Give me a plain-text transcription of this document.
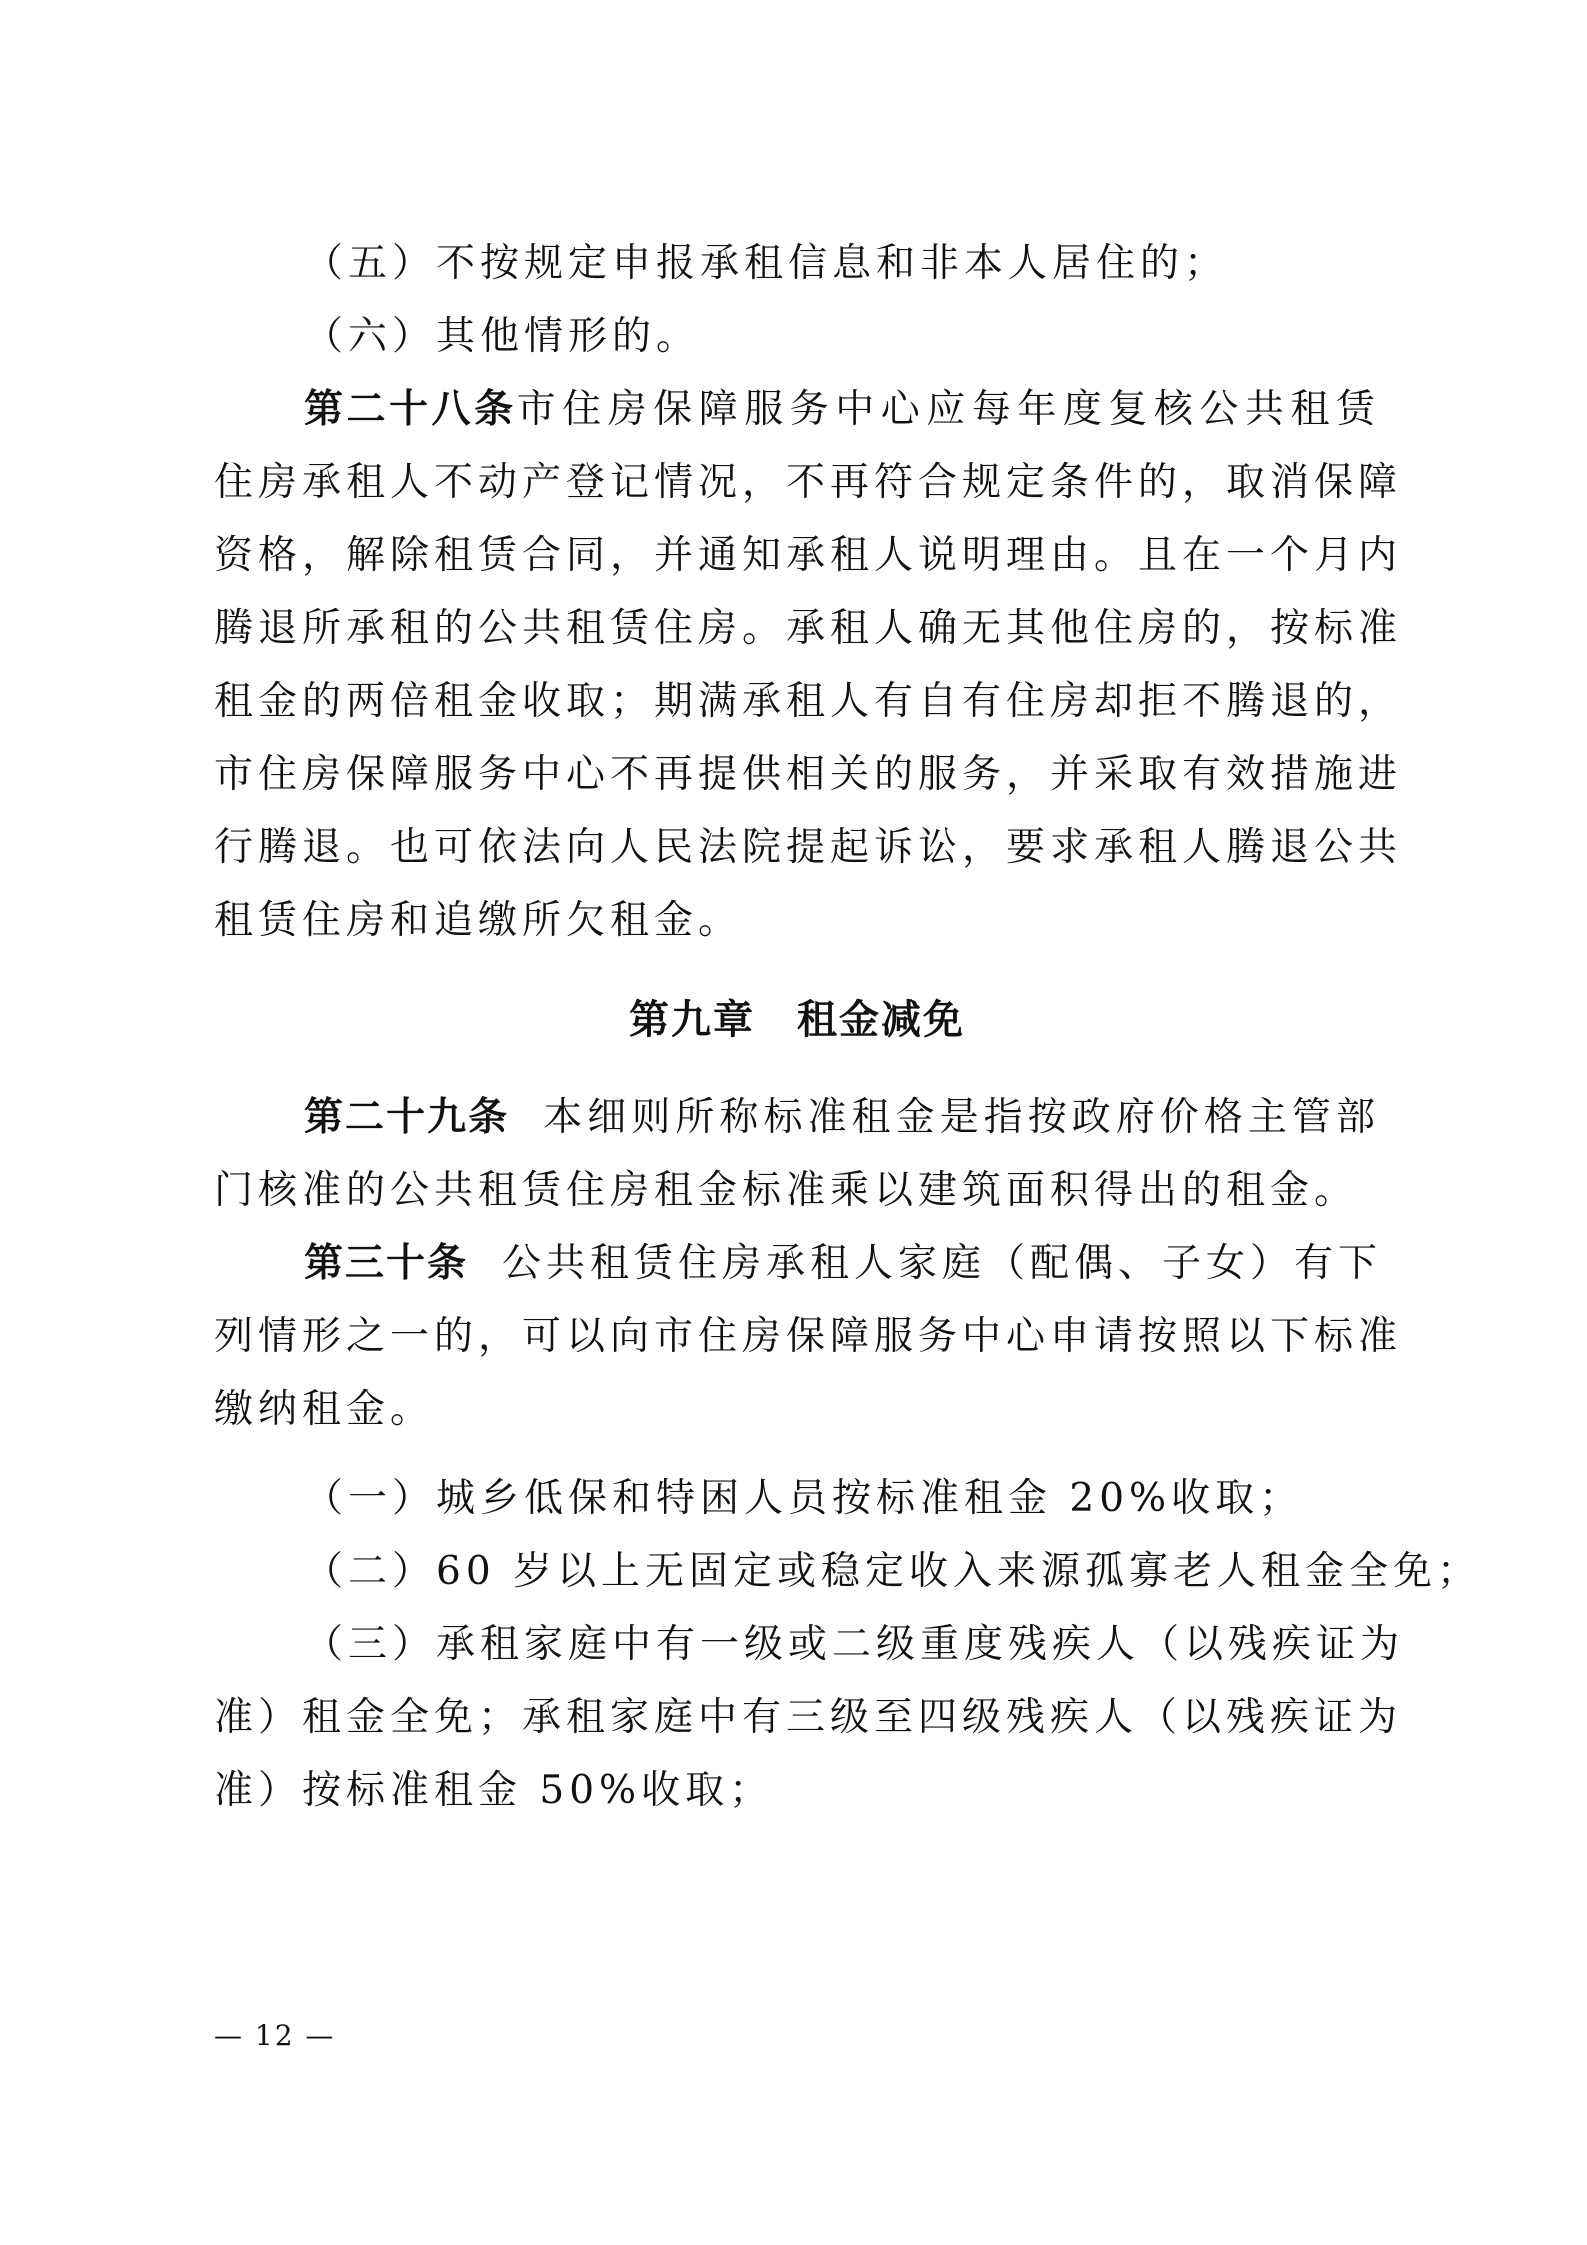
（五）不按规定申报承租信息和非本人居住的；
（六）其他情形的。
第二十八条市住房保障服务中心应每年度复核公共租赁
住房承租人不动产登记情况，不再符合规定条件的，取消保障
资格，解除租赁合同，并通知承租人说明理由。且在一个月内
腾退所承租的公共租赁住房。承租人确无其他住房的，按标准
租金的两倍租金收取；期满承租人有自有住房却拒不腾退的，
市住房保障服务中心不再提供相关的服务，并采取有效措施进
行腾退。也可依法向人民法院提起诉讼，要求承租人腾退公共
租赁住房和追缴所欠租金。
第九章　租金减免
第二十九条 本细则所称标准租金是指按政府价格主管部
门核准的公共租赁住房租金标准乘以建筑面积得出的租金。
第三十条 公共租赁住房承租人家庭（配偶、子女）有下
列情形之一的，可以向市住房保障服务中心申请按照以下标准
缴纳租金。
（一）城乡低保和特困人员按标准租金 20%收取；
（二）60 岁以上无固定或稳定收入来源孤寡老人租金全免；
（三）承租家庭中有一级或二级重度残疾人（以残疾证为
准）租金全免；承租家庭中有三级至四级残疾人（以残疾证为
准）按标准租金 50%收取；
— 12 —
